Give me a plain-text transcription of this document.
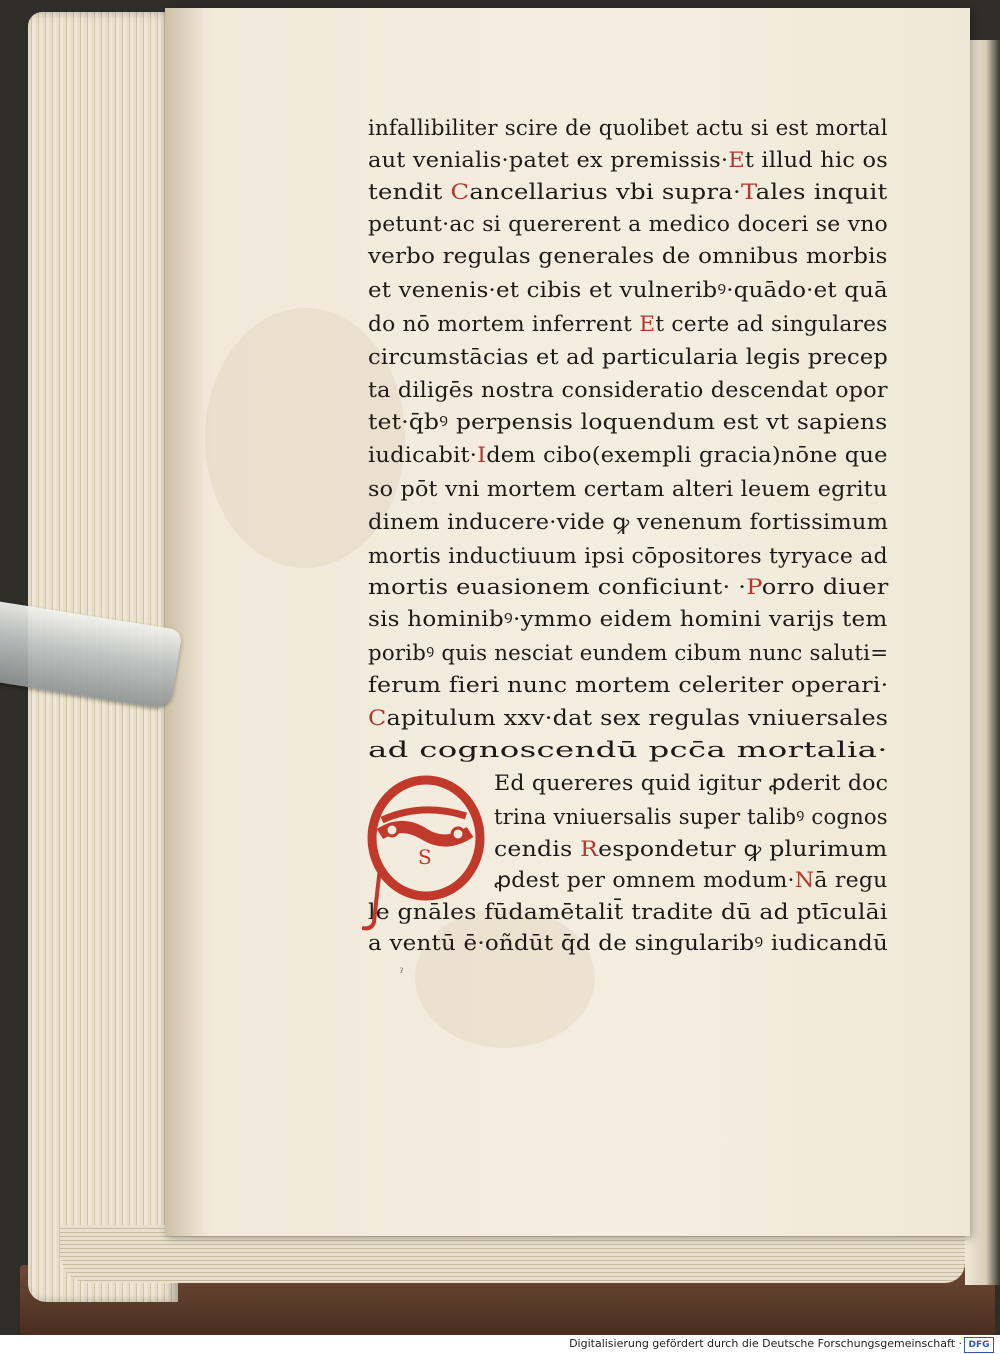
infallibiliter scire de quolibet actu si est mortal
aut venialis·patet ex premissis·Et illud hic os
tendit Cancellarius vbi supra·Tales inquit
petunt·ac si quererent a medico doceri se vno
verbo regulas generales de omnibus morbis
et venenis·et cibis et vulneribꝰ·quādo·et quā
do nō mortem inferrent Et certe ad singulares
circumstācias et ad particularia legis precep
ta diligēs nostra consideratio descendat opor
tet·q̄bꝰ perpensis loquendum est vt sapiens
iudicabit·Idem cibo(exempli gracia)nōne que
so pōt vni mortem certam alteri leuem egritu
dinem inducere·vide ꝙ venenum fortissimum
mortis inductiuum ipsi cōpositores tyryace ad
mortis euasionem conficiunt· ·Porro diuer
sis hominibꝰ·ymmo eidem homini varijs tem
poribꝰ quis nesciat eundem cibum nunc saluti=
ferum fieri nunc mortem celeriter operari·
Capitulum xxv·dat sex regulas vniuersales
ad cognoscendū pcc̄a mortalia·
Ed quereres quid igitur ꝓderit doc
trina vniuersalis super talibꝰ cognos
cendis Respondetur ꝙ plurimum
ꝓdest per omnem modum·Nā regu
le gnāles fūdamētalit̄ tradite dū ad ptīculāi
a ventū ē·oñdūt q̄d de singularibꝰ iudicandū
S
ˀ
Digitalisierung gefördert durch die Deutsche Forschungsgemeinschaft · DFG
